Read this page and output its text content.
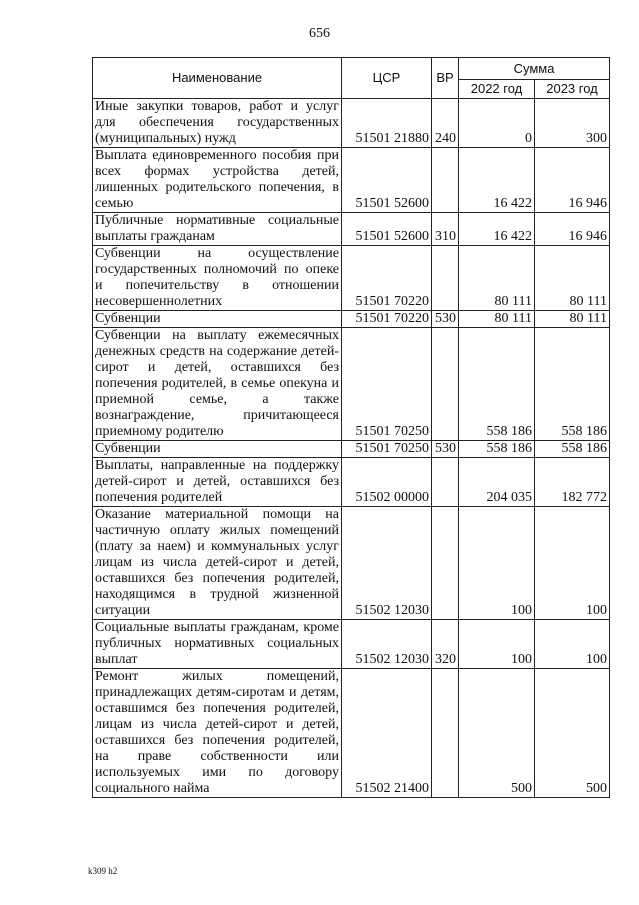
656
Наименование	ЦСР	ВР	Сумма	
			2022 год	2023 год
Иные закупки товаров, работ и услуг для обеспечения государственных (муниципальных) нужд	51501 21880	240	0	300
Выплата единовременного пособия при всех формах устройства детей, лишенных родительского попечения, в семью	51501 52600		16 422	16 946
Публичные нормативные социальные выплаты гражданам	51501 52600	310	16 422	16 946
Субвенции на осуществление государственных полномочий по опеке и попечительству в отношении несовершеннолетних	51501 70220		80 111	80 111
Субвенции	51501 70220	530	80 111	80 111
Субвенции на выплату ежемесячных денежных средств на содержание детей-сирот и детей, оставшихся без попечения родителей, в семье опекуна и приемной семье, а также вознаграждение, причитающееся приемному родителю	51501 70250		558 186	558 186
Субвенции	51501 70250	530	558 186	558 186
Выплаты, направленные на поддержку детей-сирот и детей, оставшихся без попечения родителей	51502 00000		204 035	182 772
Оказание материальной помощи на частичную оплату жилых помещений (плату за наем) и коммунальных услуг лицам из числа детей-сирот и детей, оставшихся без попечения родителей, находящимся в трудной жизненной ситуации	51502 12030		100	100
Социальные выплаты гражданам, кроме публичных нормативных социальных выплат	51502 12030	320	100	100
Ремонт жилых помещений, принадлежащих детям-сиротам и детям, оставшимся без попечения родителей, лицам из числа детей-сирот и детей, оставшихся без попечения родителей, на праве собственности или используемых ими по договору социального найма	51502 21400		500	500
k309 h2
